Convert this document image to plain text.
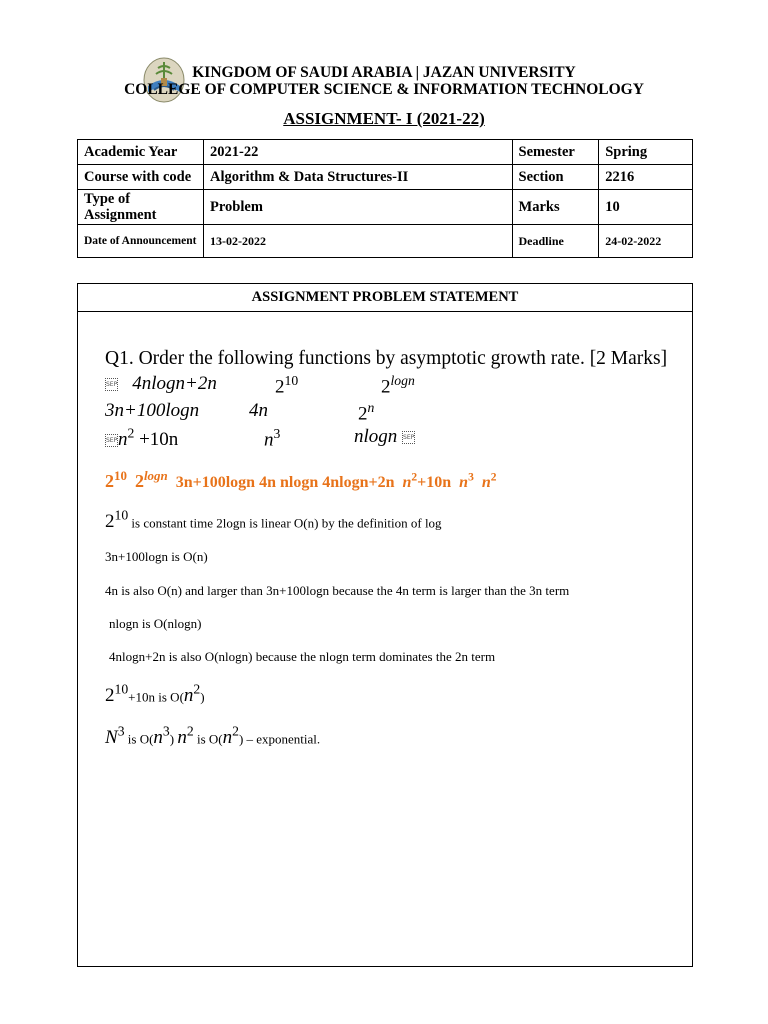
KINGDOM OF SAUDI ARABIA | JAZAN UNIVERSITY
COLLEGE OF COMPUTER SCIENCE & INFORMATION TECHNOLOGY
ASSIGNMENT- I (2021-22)
Academic Year	2021-22	Semester	Spring
Course with code	Algorithm & Data Structures-II	Section	2216
Type of Assignment	Problem	Marks	10
Date of Announcement	13-02-2022	Deadline	24-02-2022
ASSIGNMENT PROBLEM STATEMENT
Q1. Order the following functions by asymptotic growth rate. [2 Marks]
SEP 4nlogn+2n	$2^{10}$	$2^{logn}$
3n+100logn	4n	2$^n$
SEPn$^2$ +10n	$n^3$	nlogn SEP
$2^{10}$ $2^{logn}$ 3n+100logn 4n nlogn 4nlogn+2n $n^2+10n$ $n^3$ $n^2$
$2^{10}$ is constant time 2logn is linear O(n) by the definition of log
3n+100logn is O(n)
4n is also O(n) and larger than 3n+100logn because the 4n term is larger than the 3n term
nlogn is O(nlogn)
4nlogn+2n is also O(nlogn) because the nlogn term dominates the 2n term
$2^{10}+10n$ is $O(n^2)$
$N^3$ is $O(n^3)$ $n^2$ is $O(n^2)$ – exponential.
